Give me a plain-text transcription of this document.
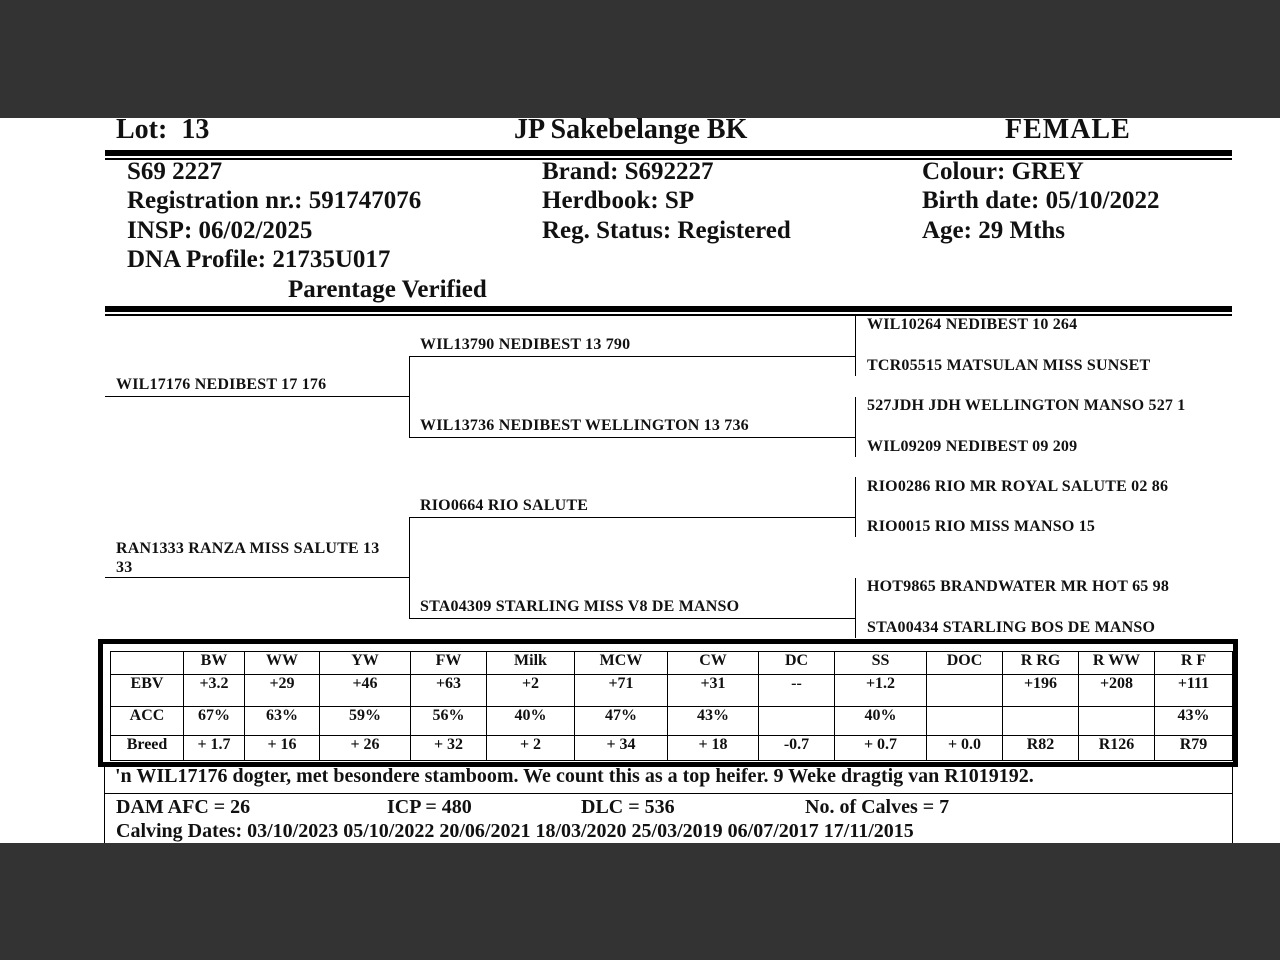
Lot: 13	JP Sakebelange BK	FEMALE
S69 2227
Registration nr.: 591747076
INSP: 06/02/2025
DNA Profile: 21735U017
Parentage Verified
Brand: S692227
Herdbook: SP
Reg. Status: Registered
Colour: GREY
Birth date: 05/10/2022
Age: 29 Mths
WIL17176 NEDIBEST 17 176
RAN1333 RANZA MISS SALUTE 13
33
WIL13790 NEDIBEST 13 790
WIL13736 NEDIBEST WELLINGTON 13 736
RIO0664 RIO SALUTE
STA04309 STARLING MISS V8 DE MANSO
WIL10264 NEDIBEST 10 264
TCR05515 MATSULAN MISS SUNSET
527JDH JDH WELLINGTON MANSO 527 1
WIL09209 NEDIBEST 09 209
RIO0286 RIO MR ROYAL SALUTE 02 86
RIO0015 RIO MISS MANSO 15
HOT9865 BRANDWATER MR HOT 65 98
STA00434 STARLING BOS DE MANSO
	BW	WW	YW	FW	Milk	MCW	CW	DC	SS	DOC	R RG	R WW	R F
EBV	+3.2	+29	+46	+63	+2	+71	+31	--	+1.2		+196	+208	+111
ACC	67%	63%	59%	56%	40%	47%	43%		40%				43%
Breed	+ 1.7	+ 16	+ 26	+ 32	+ 2	+ 34	+ 18	-0.7	+ 0.7	+ 0.0	R82	R126	R79
'n WIL17176 dogter, met besondere stamboom. We count this as a top heifer. 9 Weke dragtig van R1019192.
DAM AFC = 26	ICP = 480	DLC = 536	No. of Calves = 7
Calving Dates: 03/10/2023 05/10/2022 20/06/2021 18/03/2020 25/03/2019 06/07/2017 17/11/2015
